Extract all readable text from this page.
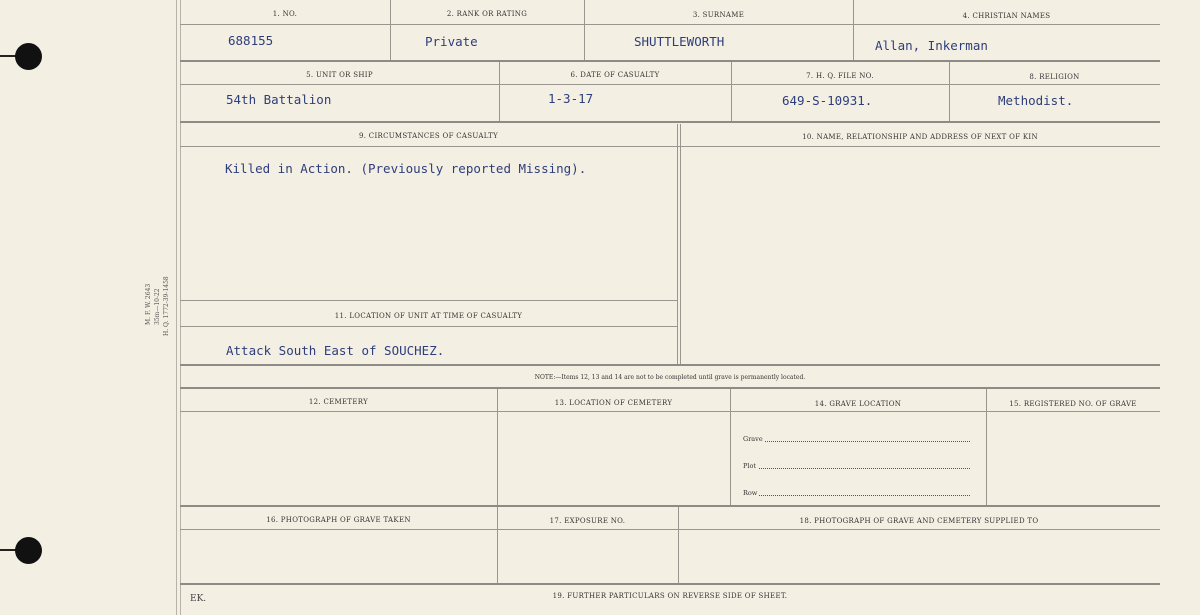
M. F. W. 2643 35m—10-22 H. Q. 1772-39-1458
1. NO.	2. RANK OR RATING	3. SURNAME	4. CHRISTIAN NAMES
688155	Private	SHUTTLEWORTH	Allan, Inkerman
5. UNIT OR SHIP	6. DATE OF CASUALTY	7. H. Q. FILE NO.	8. RELIGION
54th Battalion	1-3-17	649-S-10931.	Methodist.
9. CIRCUMSTANCES OF CASUALTY	10. NAME, RELATIONSHIP AND ADDRESS OF NEXT OF KIN
Killed in Action. (Previously reported Missing).
11. LOCATION OF UNIT AT TIME OF CASUALTY
Attack South East of SOUCHEZ.
NOTE:—Items 12, 13 and 14 are not to be completed until grave is permanently located.
12. CEMETERY	13. LOCATION OF CEMETERY	14. GRAVE LOCATION	15. REGISTERED NO. OF GRAVE
Grave
Plot
Row
16. PHOTOGRAPH OF GRAVE TAKEN	17. EXPOSURE NO.	18. PHOTOGRAPH OF GRAVE AND CEMETERY SUPPLIED TO
19. FURTHER PARTICULARS ON REVERSE SIDE OF SHEET.
EK.
